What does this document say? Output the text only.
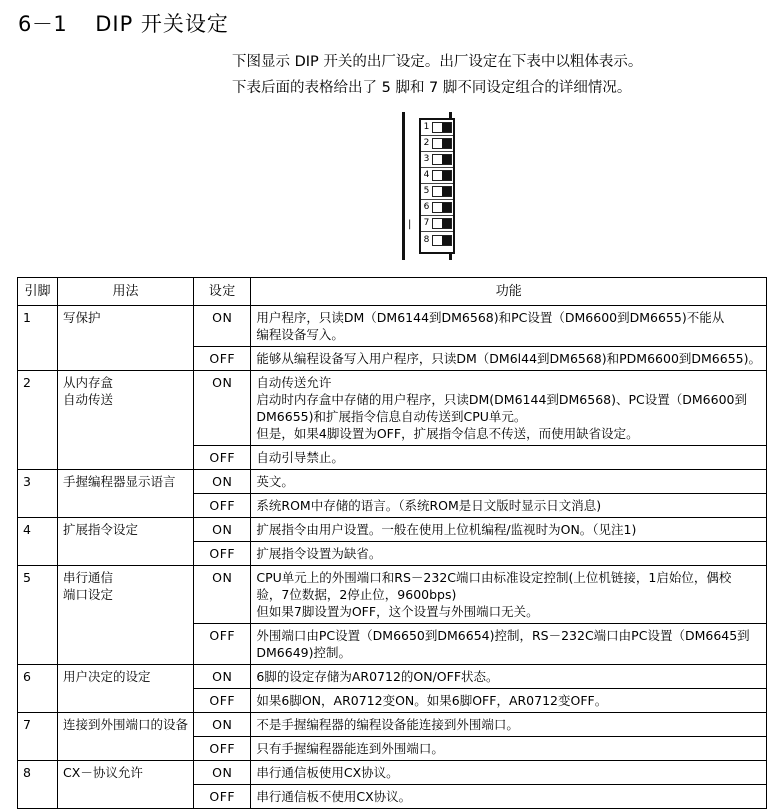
6－1 DIP 开关设定
下图显示 DIP 开关的出厂设定。出厂设定在下表中以粗体表示。
下表后面的表格给出了 5 脚和 7 脚不同设定组合的详细情况。
1
2
3
4
5
6
7
8
|
引脚	用法	设定	功能
1	写保护	ON	用户程序，只读DM（DM6144到DM6568)和PC设置（DM6600到DM6655)不能从
编程设备写入。

		OFF	能够从编程设备写入用户程序，只读DM（DM6l44到DM6568)和PDM6600到DM6655)。

2	从内存盒
自动传送	ON	自动传送允许
启动时内存盒中存储的用户程序，只读DM(DM6144到DM6568)、PC设置（DM6600到
DM6655)和扩展指令信息自动传送到CPU单元。
但是，如果4脚设置为OFF，扩展指令信息不传送，而使用缺省设定。

		OFF	自动引导禁止。

3	手握编程器显示语言	ON	英文。

		OFF	系统ROM中存储的语言。（系统ROM是日文版时显示日文消息)

4	扩展指令设定	ON	扩展指令由用户设置。一般在使用上位机编程/监视时为ON。（见注1)

		OFF	扩展指令设置为缺省。

5	串行通信
端口设定	ON	CPU单元上的外围端口和RS－232C端口由标准设定控制(上位机链接，1启始位，偶校
验，7位数据，2停止位，9600bps)
但如果7脚设置为OFF，这个设置与外围端口无关。

		OFF	外围端口由PC设置（DM6650到DM6654)控制，RS－232C端口由PC设置（DM6645到
DM6649)控制。

6	用户决定的设定	ON	6脚的设定存储为AR0712的ON/OFF状态。

		OFF	如果6脚ON，AR0712变ON。如果6脚OFF，AR0712变OFF。

7	连接到外围端口的设备	ON	不是手握编程器的编程设备能连接到外围端口。

		OFF	只有手握编程器能连到外围端口。

8	CX－协议允许	ON	串行通信板使用CX协议。

		OFF	串行通信板不使用CX协议。
